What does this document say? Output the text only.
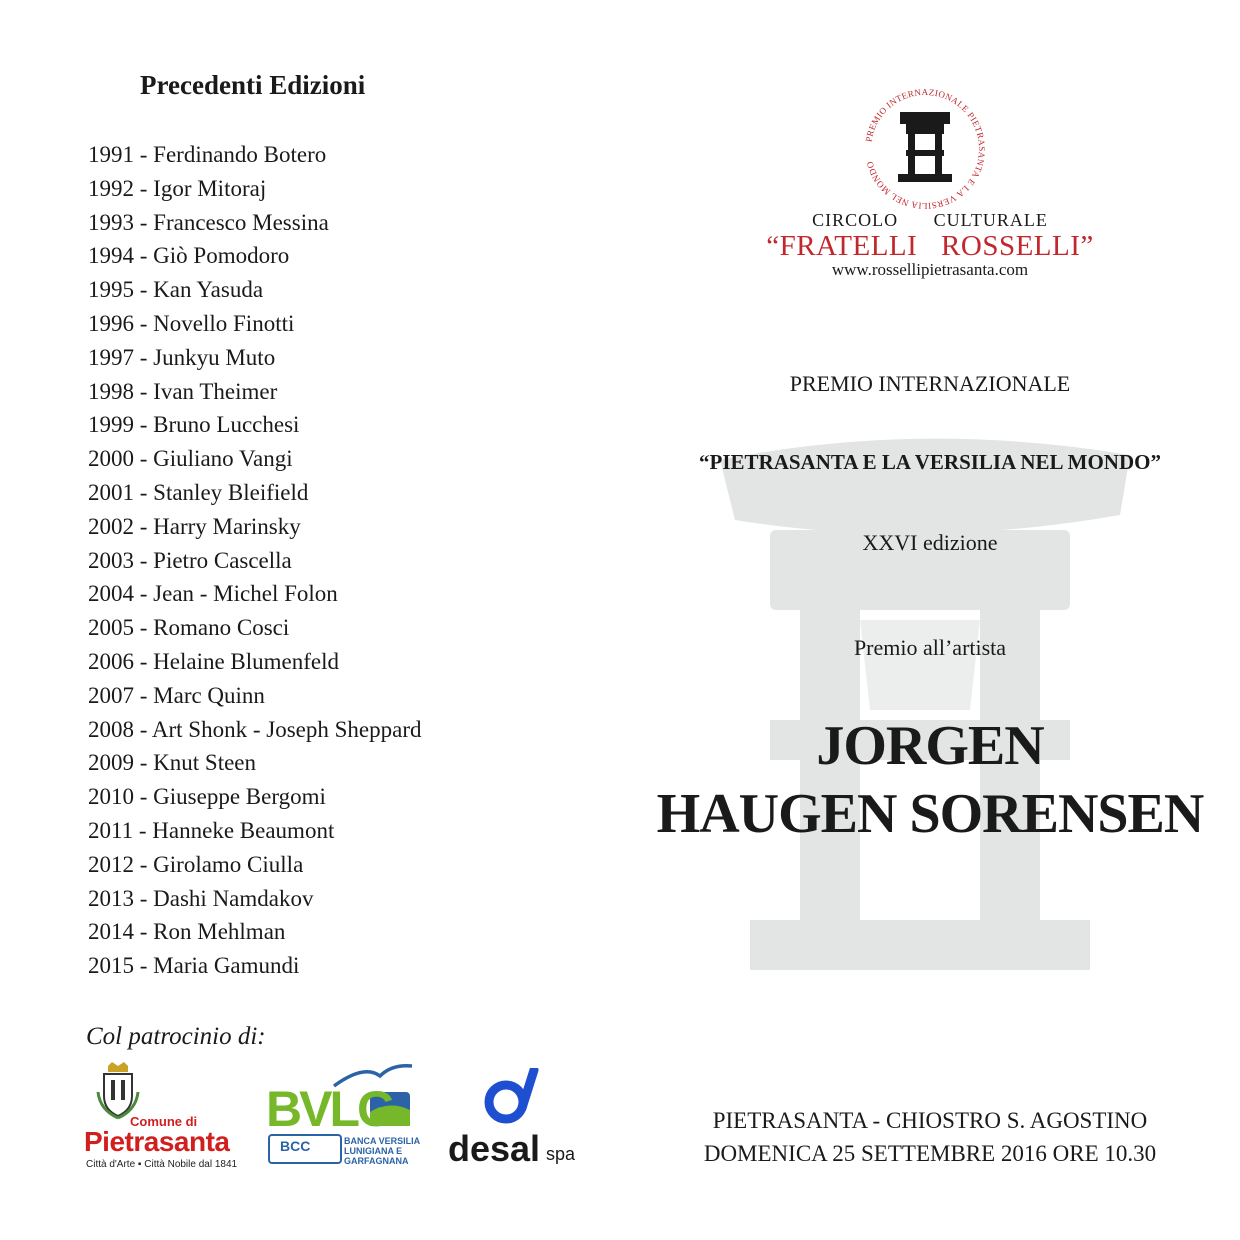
Precedenti Edizioni
1991 - Ferdinando Botero
1992 - Igor Mitoraj
1993 - Francesco Messina
1994 - Giò Pomodoro
1995 - Kan Yasuda
1996 - Novello Finotti
1997 - Junkyu Muto
1998 - Ivan Theimer
1999 - Bruno Lucchesi
2000 - Giuliano Vangi
2001 - Stanley Bleifield
2002 - Harry Marinsky
2003 - Pietro Cascella
2004 - Jean - Michel Folon
2005 - Romano Cosci
2006 - Helaine Blumenfeld
2007 - Marc Quinn
2008 - Art Shonk - Joseph Sheppard
2009 - Knut Steen
2010 - Giuseppe Bergomi
2011 - Hanneke Beaumont
2012 - Girolamo Ciulla
2013 - Dashi Namdakov
2014 - Ron Mehlman
2015 - Maria Gamundi
Col patrocinio di:
Comune di
Pietrasanta
Città d'Arte ▪ Città Nobile dal 1841
BVLG
BCC	BANCA VERSILIA LUNIGIANA E GARFAGNANA	desal spa
PREMIO INTERNAZIONALE PIETRASANTA E LA VERSILIA NEL MONDO
CIRCOLO CULTURALE
“FRATELLI ROSSELLI”
www.rossellipietrasanta.com
PREMIO INTERNAZIONALE
“PIETRASANTA E LA VERSILIA NEL MONDO”
XXVI edizione
Premio all’artista
JORGEN
HAUGEN SORENSEN
PIETRASANTA - CHIOSTRO S. AGOSTINO
DOMENICA 25 SETTEMBRE 2016 ORE 10.30
